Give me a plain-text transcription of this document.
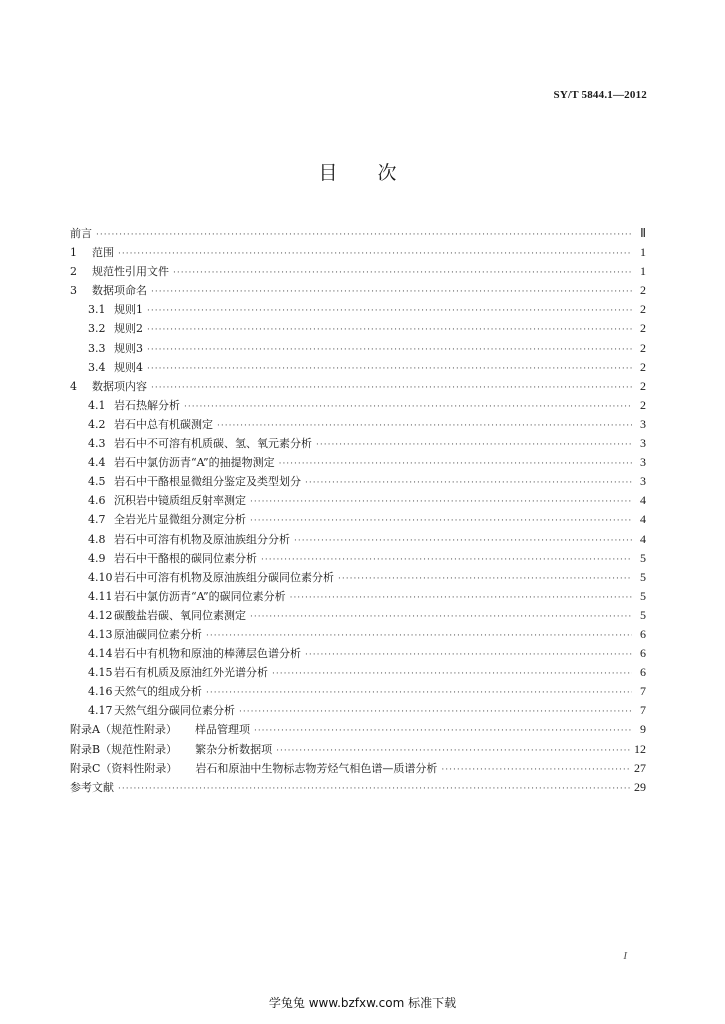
SY/T 5844.1—2012
目次
前言 ·····	Ⅱ
1	范围 ·····	1
2	规范性引用文件 ·····	1
3	数据项命名 ·····	2
3.1 规则1 ·····	2
3.2 规则2 ·····	2
3.3 规则3 ·····	2
3.4 规则4 ·····	2
4	数据项内容 ·····	2
4.1 岩石热解分析 ·····	2
4.2 岩石中总有机碳测定 ·····	3
4.3 岩石中不可溶有机质碳、氢、氧元素分析 ·····	3
4.4 岩石中氯仿沥青“A”的抽提物测定 ·····	3
4.5 岩石中干酪根显微组分鉴定及类型划分 ·····	3
4.6 沉积岩中镜质组反射率测定 ·····	4
4.7 全岩光片显微组分测定分析 ·····	4
4.8 岩石中可溶有机物及原油族组分分析 ·····	4
4.9 岩石中干酪根的碳同位素分析 ·····	5
4.10 岩石中可溶有机物及原油族组分碳同位素分析 ·····	5
4.11 岩石中氯仿沥青“A”的碳同位素分析 ·····	5
4.12 碳酸盐岩碳、氧同位素测定 ·····	5
4.13 原油碳同位素分析 ·····	6
4.14 岩石中有机物和原油的棒薄层色谱分析 ·····	6
4.15 岩石有机质及原油红外光谱分析 ·····	6
4.16 天然气的组成分析 ·····	7
4.17 天然气组分碳同位素分析 ·····	7
附录A（规范性附录） 样品管理项 ·····	9
附录B（规范性附录） 繁杂分析数据项 ·····	12
附录C（资料性附录） 岩石和原油中生物标志物芳烃气相色谱—质谱分析 ·····	27
参考文献 ·····	29
I
学兔兔 www.bzfxw.com 标准下载
